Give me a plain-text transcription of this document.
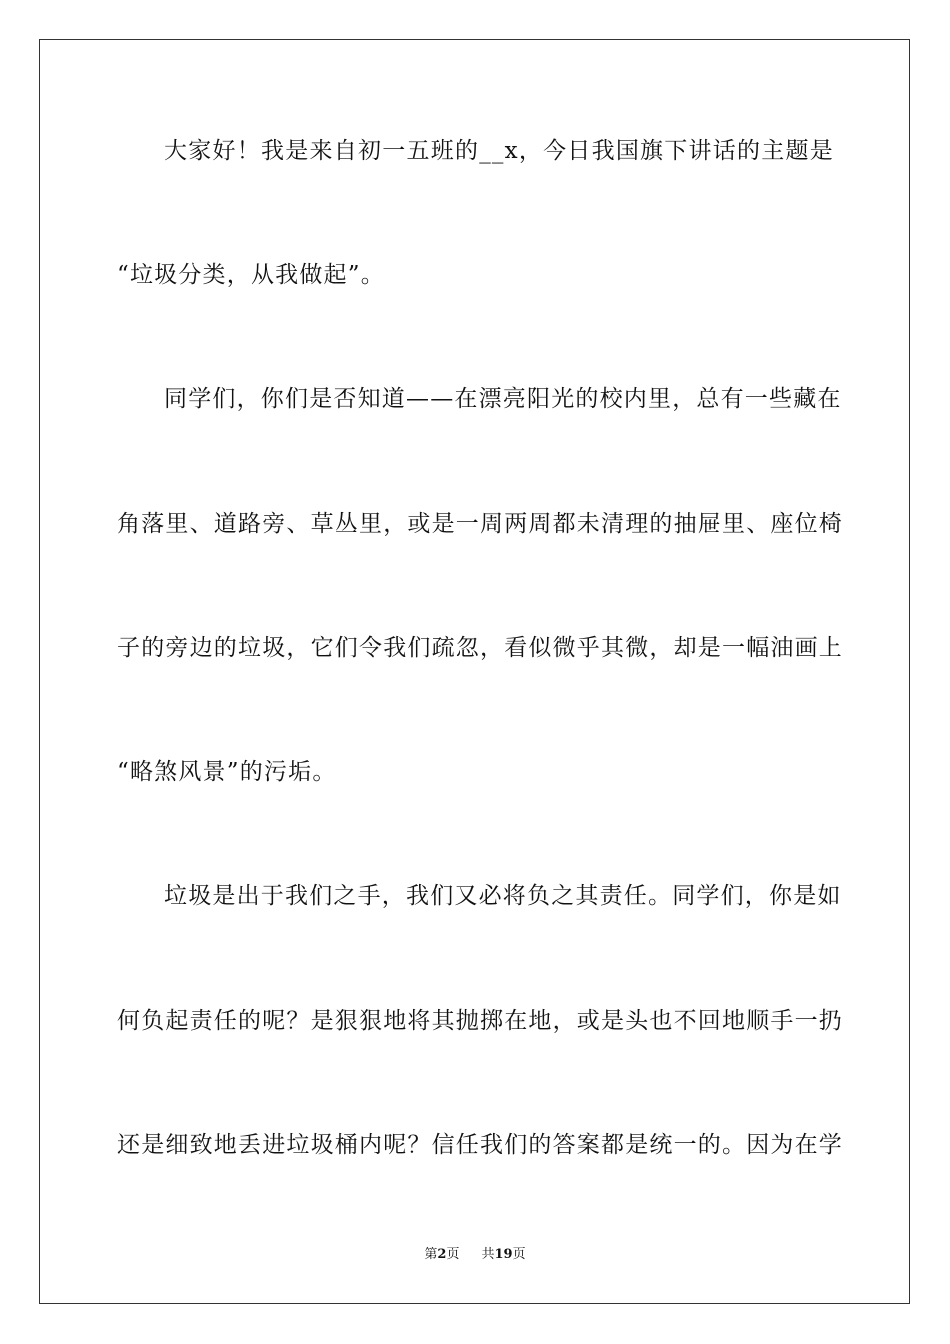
大家好！我是来自初一五班的__x，今日我国旗下讲话的主题是
“垃圾分类，从我做起”。
同学们，你们是否知道——在漂亮阳光的校内里，总有一些藏在
角落里、道路旁、草丛里，或是一周两周都未清理的抽屉里、座位椅
子的旁边的垃圾，它们令我们疏忽，看似微乎其微，却是一幅油画上
“略煞风景”的污垢。
垃圾是出于我们之手，我们又必将负之其责任。同学们，你是如
何负起责任的呢？是狠狠地将其抛掷在地，或是头也不回地顺手一扔
还是细致地丢进垃圾桶内呢？信任我们的答案都是统一的。因为在学
第2页 共19页
